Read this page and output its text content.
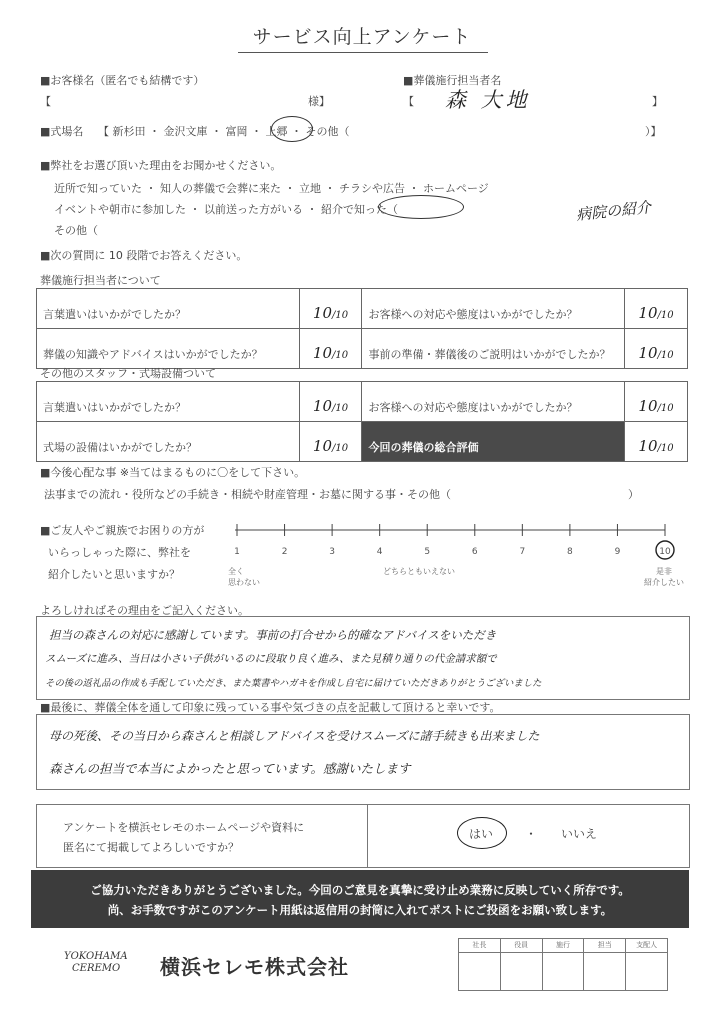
サービス向上アンケート
■お客様名（匿名でも結構です）
【	様】
■葬儀施行担当者名
【 森 大地	】
■式場名 【 新杉田 ・ 金沢文庫 ・ 富岡 ・ 上郷 ・ その他（	）】
■弊社をお選び頂いた理由をお聞かせください。
近所で知っていた ・ 知人の葬儀で会葬に来た ・ 立地 ・ チラシや広告 ・ ホームページ
イベントや朝市に参加した ・ 以前送った方がいる ・ 紹介で知った（	病院の紹介
その他（
■次の質問に 10 段階でお答えください。
葬儀施行担当者について
言葉遣いはいかがでしたか？	10/10	お客様への対応や態度はいかがでしたか？	10/10
葬儀の知識やアドバイスはいかがでしたか？	10/10	事前の準備・葬儀後のご説明はいかがでしたか？	10/10
その他のスタッフ・式場設備ついて
言葉遣いはいかがでしたか？	10/10	お客様への対応や態度はいかがでしたか？	10/10
式場の設備はいかがでしたか？	10/10	今回の葬儀の総合評価	10/10
■今後心配な事 ※当てはまるものに〇をして下さい。
法事までの流れ・役所などの手続き・相続や財産管理・お墓に関する事・その他（	）
■ご友人やご親族でお困りの方が
いらっしゃった際に、弊社を
紹介したいと思いますか？
1	2	3	4	5	6	7	8	9	10
全く
思わない
どちらともいえない	是非
紹介したい
よろしければその理由をご記入ください。
担当の森さんの対応に感謝しています。事前の打合せから的確なアドバイスをいただき
スムーズに進み、当日は小さい子供がいるのに段取り良く進み、また見積り通りの代金請求額で
その後の返礼品の作成も手配していただき、また葉書やハガキを作成し自宅に届けていただきありがとうございました
■最後に、葬儀全体を通して印象に残っている事や気づきの点を記載して頂けると幸いです。
母の死後、その当日から森さんと相談しアドバイスを受けスムーズに諸手続きも出来ました
森さんの担当で本当によかったと思っています。感謝いたします
アンケートを横浜セレモのホームページや資料に
匿名にて掲載してよろしいですか？
はい	・ いいえ
ご協力いただきありがとうございました。今回のご意見を真摯に受け止め業務に反映していく所存です。
尚、お手数ですがこのアンケート用紙は返信用の封筒に入れてポストにご投函をお願い致します。
YOKOHAMA
CEREMO	横浜セレモ株式会社
社長	役員	施行	担当	支配人
